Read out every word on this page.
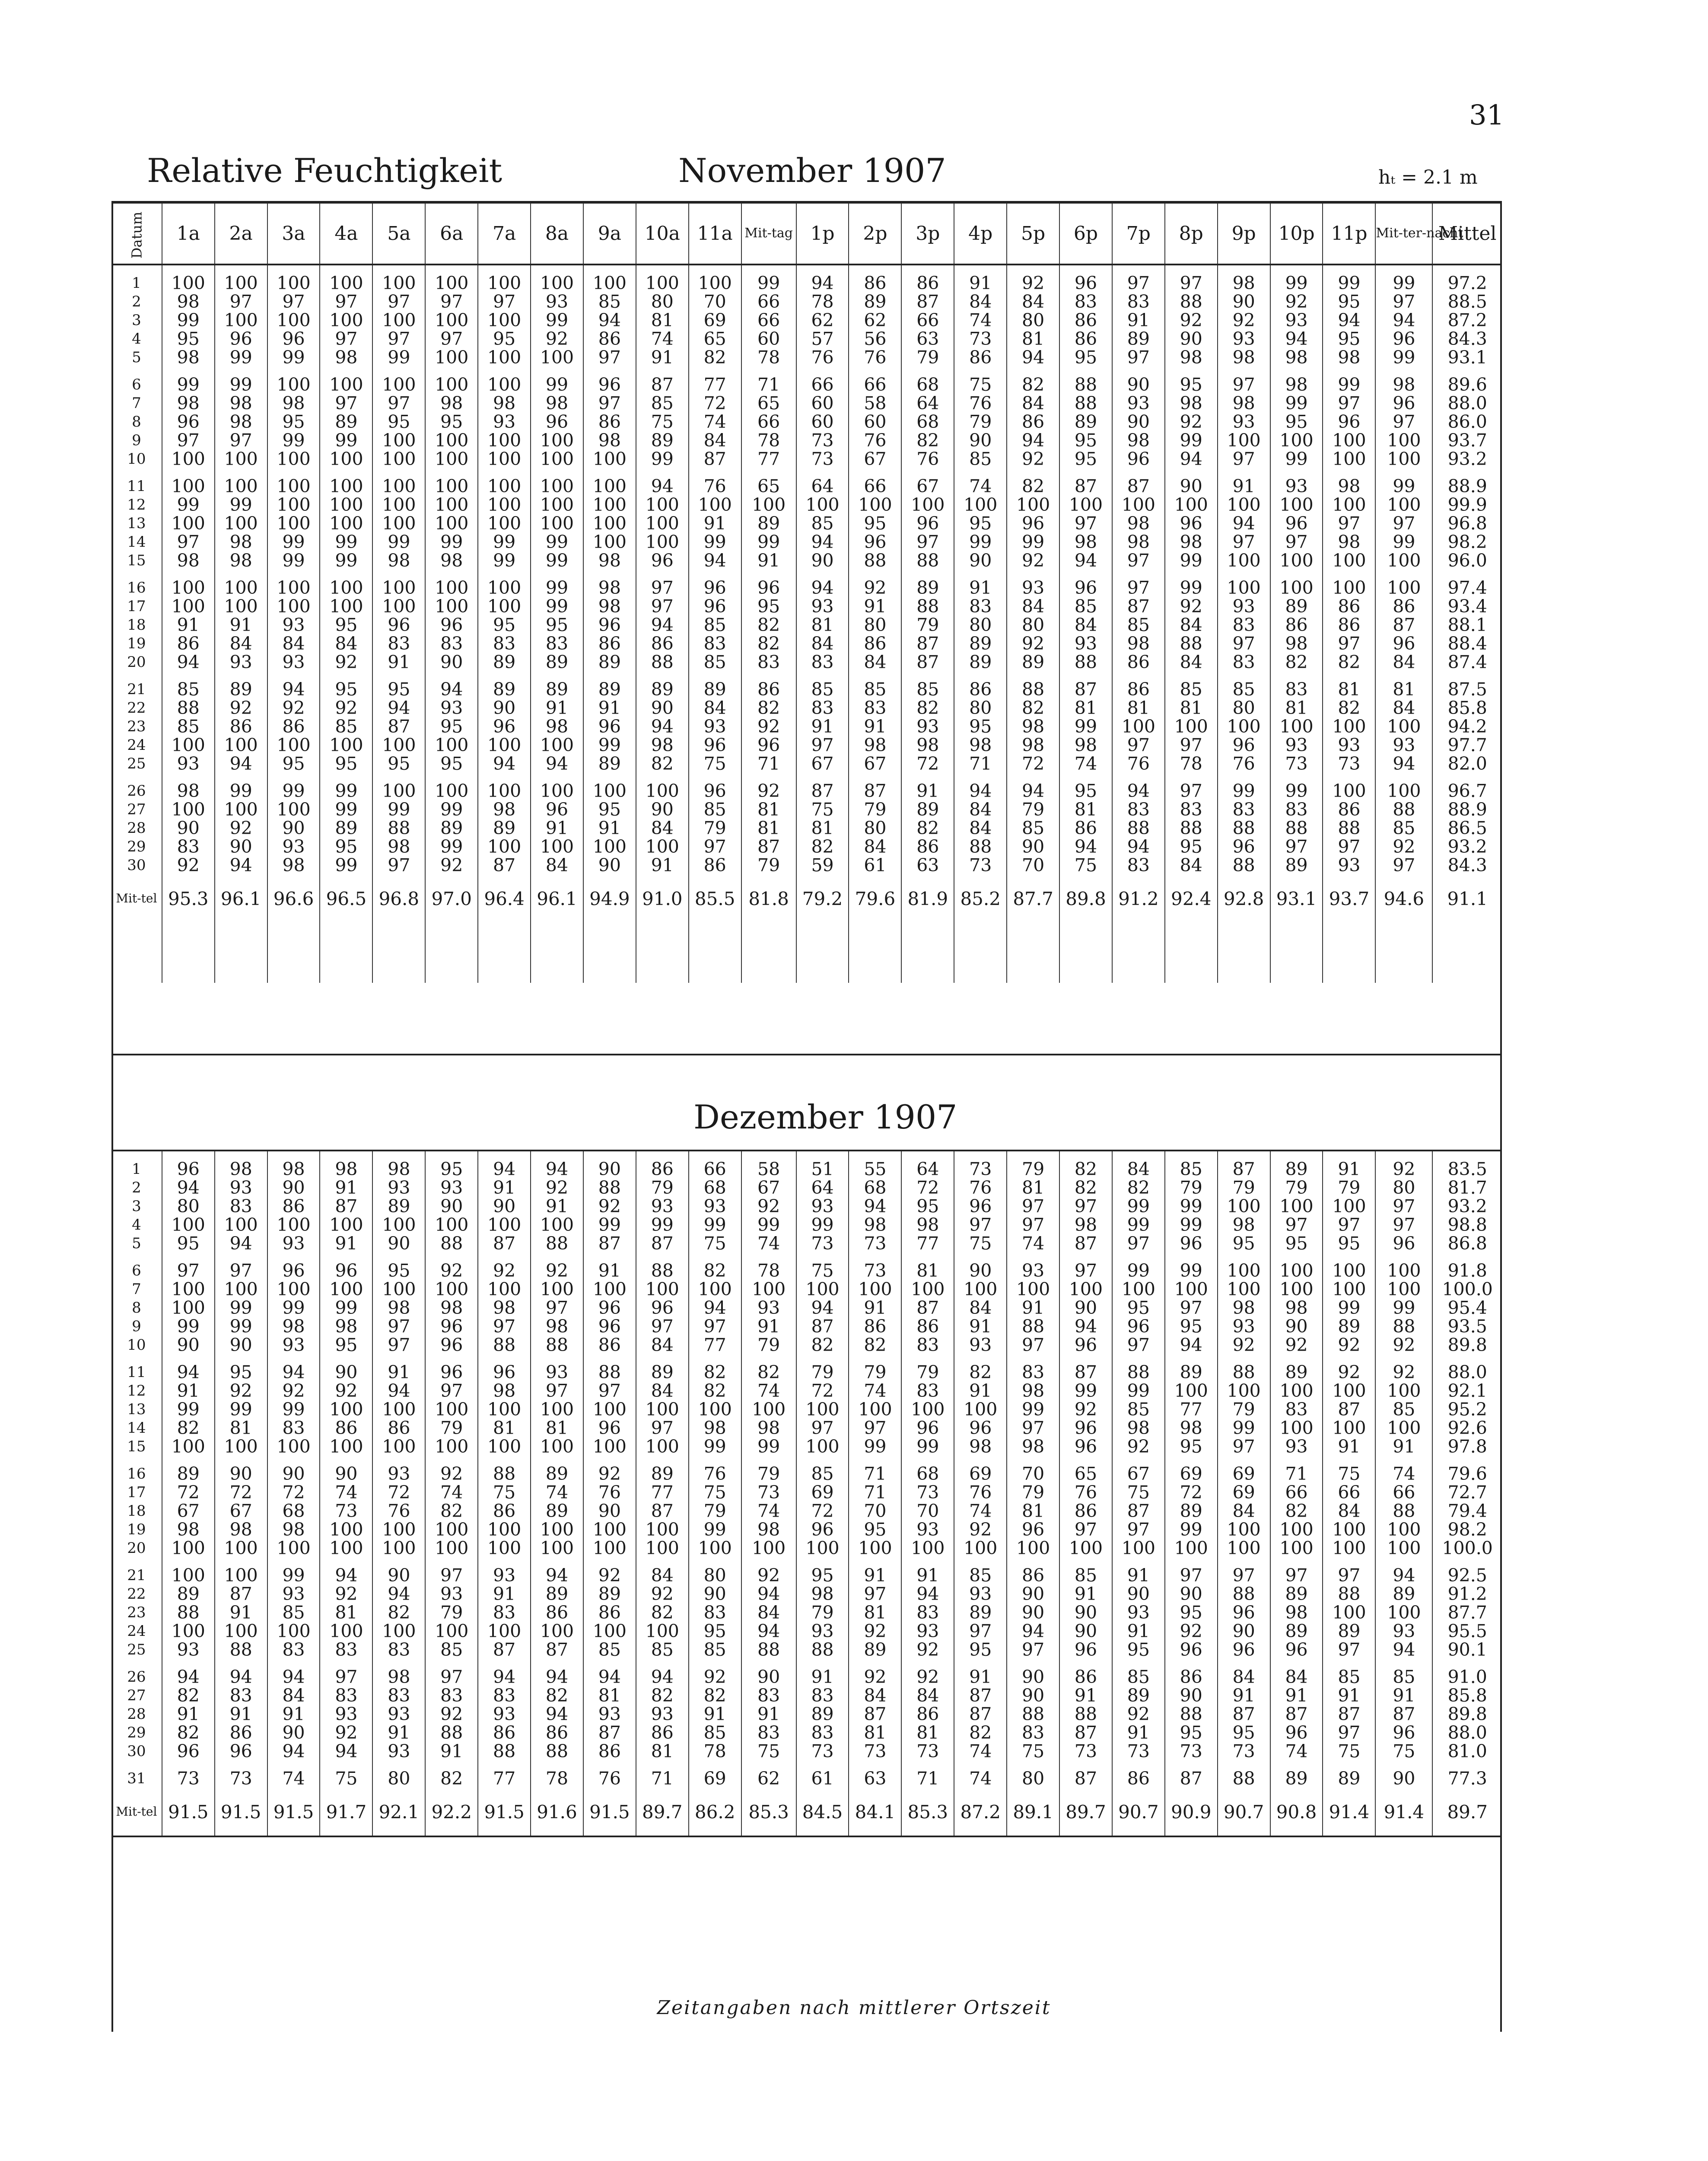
31
Relative Feuchtigkeit	November 1907	hₜ = 2.1 m
Datum	1a	2a	3a	4a	5a	6a	7a	8a	9a	10a	11a	Mit-tag	1p	2p	3p	4p	5p	6p	7p	8p	9p	10p	11p	Mit-ter-nacht	Mittel
1	100	100	100	100	100	100	100	100	100	100	100	99	94	86	86	91	92	96	97	97	98	99	99	99	97.2
2	98	97	97	97	97	97	97	93	85	80	70	66	78	89	87	84	84	83	83	88	90	92	95	97	88.5
3	99	100	100	100	100	100	100	99	94	81	69	66	62	62	66	74	80	86	91	92	92	93	94	94	87.2
4	95	96	96	97	97	97	95	92	86	74	65	60	57	56	63	73	81	86	89	90	93	94	95	96	84.3
5	98	99	99	98	99	100	100	100	97	91	82	78	76	76	79	86	94	95	97	98	98	98	98	99	93.1
6	99	99	100	100	100	100	100	99	96	87	77	71	66	66	68	75	82	88	90	95	97	98	99	98	89.6
7	98	98	98	97	97	98	98	98	97	85	72	65	60	58	64	76	84	88	93	98	98	99	97	96	88.0
8	96	98	95	89	95	95	93	96	86	75	74	66	60	60	68	79	86	89	90	92	93	95	96	97	86.0
9	97	97	99	99	100	100	100	100	98	89	84	78	73	76	82	90	94	95	98	99	100	100	100	100	93.7
10	100	100	100	100	100	100	100	100	100	99	87	77	73	67	76	85	92	95	96	94	97	99	100	100	93.2
11	100	100	100	100	100	100	100	100	100	94	76	65	64	66	67	74	82	87	87	90	91	93	98	99	88.9
12	99	99	100	100	100	100	100	100	100	100	100	100	100	100	100	100	100	100	100	100	100	100	100	100	99.9
13	100	100	100	100	100	100	100	100	100	100	91	89	85	95	96	95	96	97	98	96	94	96	97	97	96.8
14	97	98	99	99	99	99	99	99	100	100	99	99	94	96	97	99	99	98	98	98	97	97	98	99	98.2
15	98	98	99	99	98	98	99	99	98	96	94	91	90	88	88	90	92	94	97	99	100	100	100	100	96.0
16	100	100	100	100	100	100	100	99	98	97	96	96	94	92	89	91	93	96	97	99	100	100	100	100	97.4
17	100	100	100	100	100	100	100	99	98	97	96	95	93	91	88	83	84	85	87	92	93	89	86	86	93.4
18	91	91	93	95	96	96	95	95	96	94	85	82	81	80	79	80	80	84	85	84	83	86	86	87	88.1
19	86	84	84	84	83	83	83	83	86	86	83	82	84	86	87	89	92	93	98	88	97	98	97	96	88.4
20	94	93	93	92	91	90	89	89	89	88	85	83	83	84	87	89	89	88	86	84	83	82	82	84	87.4
21	85	89	94	95	95	94	89	89	89	89	89	86	85	85	85	86	88	87	86	85	85	83	81	81	87.5
22	88	92	92	92	94	93	90	91	91	90	84	82	83	83	82	80	82	81	81	81	80	81	82	84	85.8
23	85	86	86	85	87	95	96	98	96	94	93	92	91	91	93	95	98	99	100	100	100	100	100	100	94.2
24	100	100	100	100	100	100	100	100	99	98	96	96	97	98	98	98	98	98	97	97	96	93	93	93	97.7
25	93	94	95	95	95	95	94	94	89	82	75	71	67	67	72	71	72	74	76	78	76	73	73	94	82.0
26	98	99	99	99	100	100	100	100	100	100	96	92	87	87	91	94	94	95	94	97	99	99	100	100	96.7
27	100	100	100	99	99	99	98	96	95	90	85	81	75	79	89	84	79	81	83	83	83	83	86	88	88.9
28	90	92	90	89	88	89	89	91	91	84	79	81	81	80	82	84	85	86	88	88	88	88	88	85	86.5
29	83	90	93	95	98	99	100	100	100	100	97	87	82	84	86	88	90	94	94	95	96	97	97	92	93.2
30	92	94	98	99	97	92	87	84	90	91	86	79	59	61	63	73	70	75	83	84	88	89	93	97	84.3
Mit-tel	95.3	96.1	96.6	96.5	96.8	97.0	96.4	96.1	94.9	91.0	85.5	81.8	79.2	79.6	81.9	85.2	87.7	89.8	91.2	92.4	92.8	93.1	93.7	94.6	91.1

Dezember 1907

1	96	98	98	98	98	95	94	94	90	86	66	58	51	55	64	73	79	82	84	85	87	89	91	92	83.5
2	94	93	90	91	93	93	91	92	88	79	68	67	64	68	72	76	81	82	82	79	79	79	79	80	81.7
3	80	83	86	87	89	90	90	91	92	93	93	92	93	94	95	96	97	97	99	99	100	100	100	97	93.2
4	100	100	100	100	100	100	100	100	99	99	99	99	99	98	98	97	97	98	99	99	98	97	97	97	98.8
5	95	94	93	91	90	88	87	88	87	87	75	74	73	73	77	75	74	87	97	96	95	95	95	96	86.8
6	97	97	96	96	95	92	92	92	91	88	82	78	75	73	81	90	93	97	99	99	100	100	100	100	91.8
7	100	100	100	100	100	100	100	100	100	100	100	100	100	100	100	100	100	100	100	100	100	100	100	100	100.0
8	100	99	99	99	98	98	98	97	96	96	94	93	94	91	87	84	91	90	95	97	98	98	99	99	95.4
9	99	99	98	98	97	96	97	98	96	97	97	91	87	86	86	91	88	94	96	95	93	90	89	88	93.5
10	90	90	93	95	97	96	88	88	86	84	77	79	82	82	83	93	97	96	97	94	92	92	92	92	89.8
11	94	95	94	90	91	96	96	93	88	89	82	82	79	79	79	82	83	87	88	89	88	89	92	92	88.0
12	91	92	92	92	94	97	98	97	97	84	82	74	72	74	83	91	98	99	99	100	100	100	100	100	92.1
13	99	99	99	100	100	100	100	100	100	100	100	100	100	100	100	100	99	92	85	77	79	83	87	85	95.2
14	82	81	83	86	86	79	81	81	96	97	98	98	97	97	96	96	97	96	98	98	99	100	100	100	92.6
15	100	100	100	100	100	100	100	100	100	100	99	99	100	99	99	98	98	96	92	95	97	93	91	91	97.8
16	89	90	90	90	93	92	88	89	92	89	76	79	85	71	68	69	70	65	67	69	69	71	75	74	79.6
17	72	72	72	74	72	74	75	74	76	77	75	73	69	71	73	76	79	76	75	72	69	66	66	66	72.7
18	67	67	68	73	76	82	86	89	90	87	79	74	72	70	70	74	81	86	87	89	84	82	84	88	79.4
19	98	98	98	100	100	100	100	100	100	100	99	98	96	95	93	92	96	97	97	99	100	100	100	100	98.2
20	100	100	100	100	100	100	100	100	100	100	100	100	100	100	100	100	100	100	100	100	100	100	100	100	100.0
21	100	100	99	94	90	97	93	94	92	84	80	92	95	91	91	85	86	85	91	97	97	97	97	94	92.5
22	89	87	93	92	94	93	91	89	89	92	90	94	98	97	94	93	90	91	90	90	88	89	88	89	91.2
23	88	91	85	81	82	79	83	86	86	82	83	84	79	81	83	89	90	90	93	95	96	98	100	100	87.7
24	100	100	100	100	100	100	100	100	100	100	95	94	93	92	93	97	94	90	91	92	90	89	89	93	95.5
25	93	88	83	83	83	85	87	87	85	85	85	88	88	89	92	95	97	96	95	96	96	96	97	94	90.1
26	94	94	94	97	98	97	94	94	94	94	92	90	91	92	92	91	90	86	85	86	84	84	85	85	91.0
27	82	83	84	83	83	83	83	82	81	82	82	83	83	84	84	87	90	91	89	90	91	91	91	91	85.8
28	91	91	91	93	93	92	93	94	93	93	91	91	89	87	86	87	88	88	92	88	87	87	87	87	89.8
29	82	86	90	92	91	88	86	86	87	86	85	83	83	81	81	82	83	87	91	95	95	96	97	96	88.0
30	96	96	94	94	93	91	88	88	86	81	78	75	73	73	73	74	75	73	73	73	73	74	75	75	81.0
31	73	73	74	75	80	82	77	78	76	71	69	62	61	63	71	74	80	87	86	87	88	89	89	90	77.3
Mit-tel	91.5	91.5	91.5	91.7	92.1	92.2	91.5	91.6	91.5	89.7	86.2	85.3	84.5	84.1	85.3	87.2	89.1	89.7	90.7	90.9	90.7	90.8	91.4	91.4	89.7
Zeitangaben nach mittlerer Ortszeit
